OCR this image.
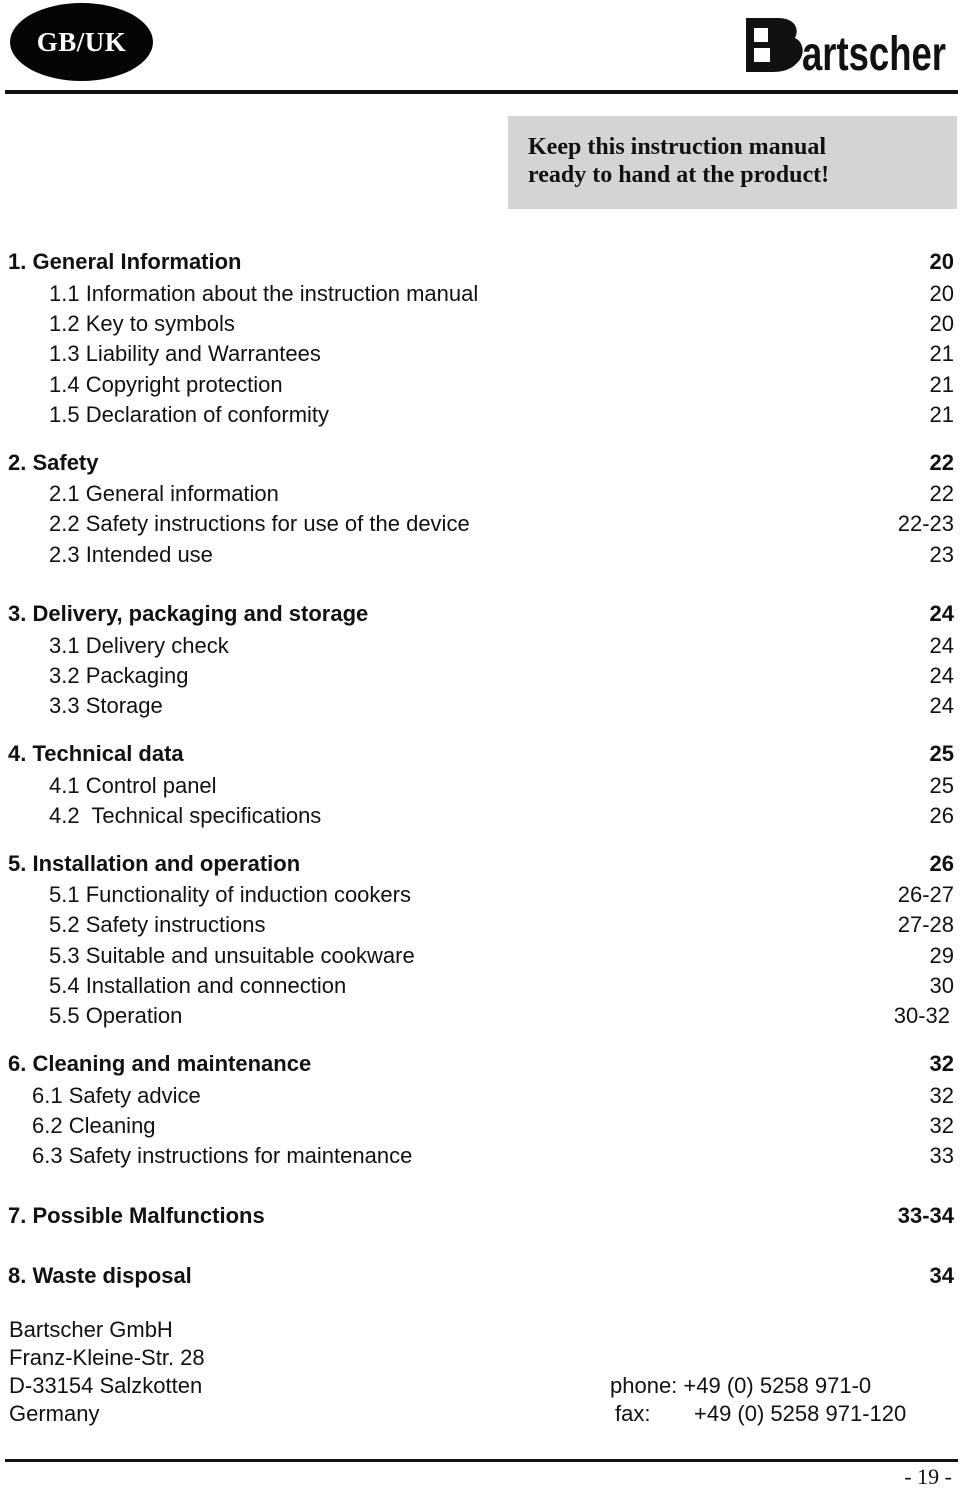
GB/UK	artscher
Keep this instruction manual
ready to hand at the product!
1. General Information	20
1.1 Information about the instruction manual	20
1.2 Key to symbols	20
1.3 Liability and Warrantees	21
1.4 Copyright protection	21
1.5 Declaration of conformity	21
2. Safety	22
2.1 General information	22
2.2 Safety instructions for use of the device	22-23
2.3 Intended use	23
3. Delivery, packaging and storage	24
3.1 Delivery check	24
3.2 Packaging	24
3.3 Storage	24
4. Technical data	25
4.1 Control panel	25
4.2  Technical specifications	26
5. Installation and operation	26
5.1 Functionality of induction cookers	26-27
5.2 Safety instructions	27-28
5.3 Suitable and unsuitable cookware	29
5.4 Installation and connection	30
5.5 Operation	30-32
6. Cleaning and maintenance	32
6.1 Safety advice	32
6.2 Cleaning	32
6.3 Safety instructions for maintenance	33
7. Possible Malfunctions	33-34
8. Waste disposal	34
Bartscher GmbH
Franz-Kleine-Str. 28
D-33154 Salzkotten
Germany
phone: +49 (0) 5258 971-0
fax: +49 (0) 5258 971-120
- 19 -
